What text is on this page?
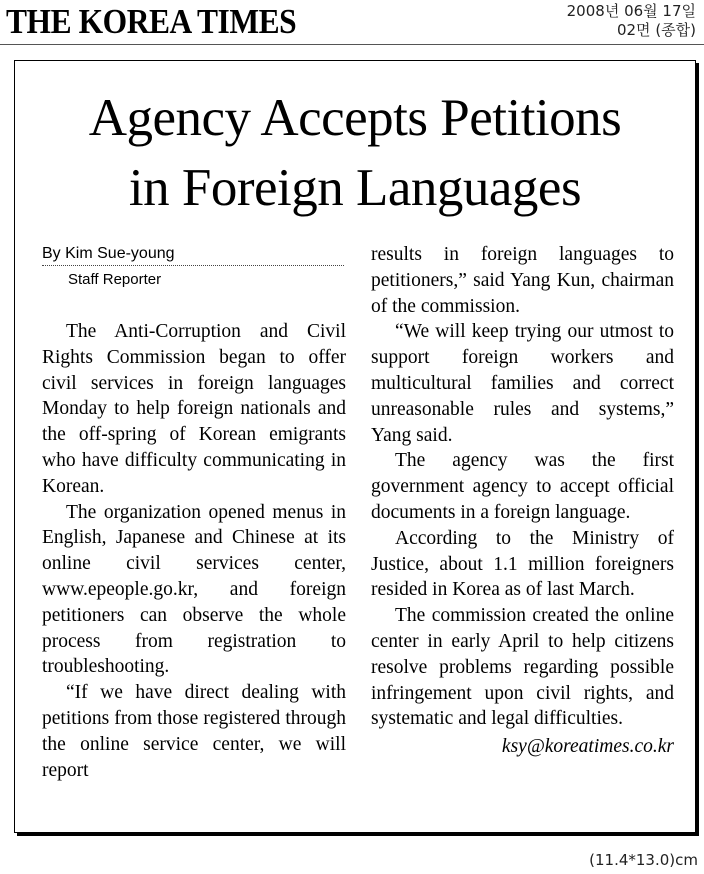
THE KOREA TIMES	2008년 06월 17일
02면 (종합)
Agency Accepts Petitions
in Foreign Languages
By Kim Sue-young
Staff Reporter

The Anti-Corruption and Civil Rights Commission began to offer civil services in foreign languages Monday to help foreign nationals and the off-spring of Korean emigrants who have difficulty communicating in Korean.

The organization opened menus in English, Japanese and Chinese at its online civil services center, www.epeople.go.kr, and foreign petitioners can observe the whole process from registration to troubleshooting.

“If we have direct dealing with petitions from those registered through the online service center, we will report

results in foreign languages to petitioners,” said Yang Kun, chairman of the commission.

“We will keep trying our utmost to support foreign workers and multicultural families and correct unreasonable rules and systems,” Yang said.

The agency was the first government agency to accept official documents in a foreign language.

According to the Ministry of Justice, about 1.1 million foreigners resided in Korea as of last March.

The commission created the online center in early April to help citizens resolve problems regarding possible infringement upon civil rights, and systematic and legal difficulties.

ksy@koreatimes.co.kr
(11.4*13.0)cm
